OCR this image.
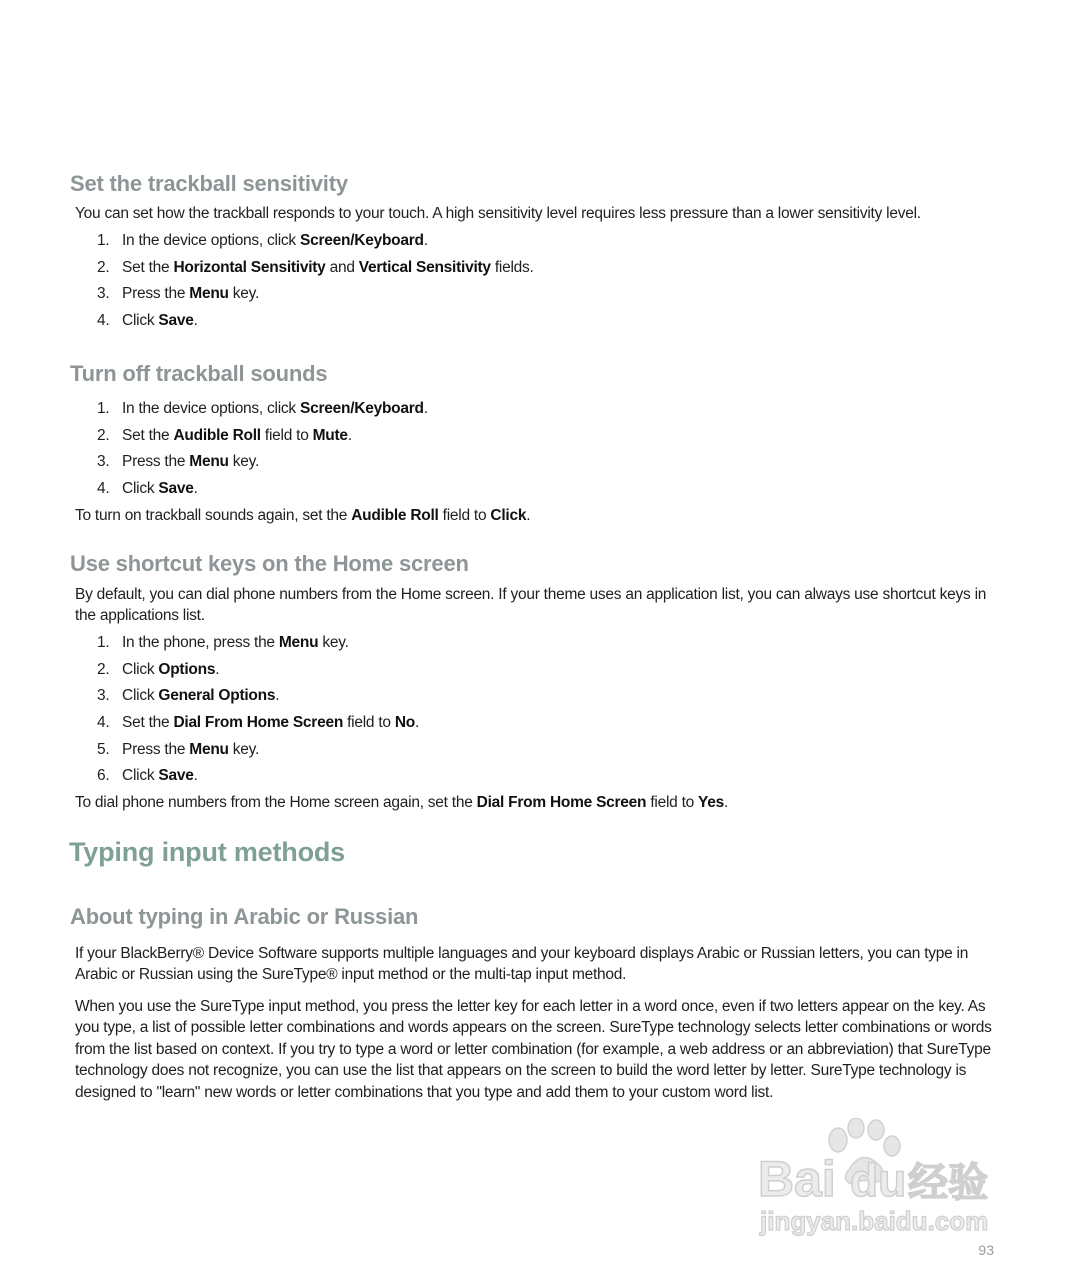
Set the trackball sensitivity

You can set how the trackball responds to your touch. A high sensitivity level requires less pressure than a lower sensitivity level.

1. In the device options, click Screen/Keyboard.
2. Set the Horizontal Sensitivity and Vertical Sensitivity fields.
3. Press the Menu key.
4. Click Save.
Turn off trackball sounds
1. In the device options, click Screen/Keyboard.
2. Set the Audible Roll field to Mute.
3. Press the Menu key.
4. Click Save.

To turn on trackball sounds again, set the Audible Roll field to Click.

Use shortcut keys on the Home screen

By default, you can dial phone numbers from the Home screen. If your theme uses an application list, you can always use shortcut keys in the applications list.

1. In the phone, press the Menu key.
2. Click Options.
3. Click General Options.
4. Set the Dial From Home Screen field to No.
5. Press the Menu key.
6. Click Save.

To dial phone numbers from the Home screen again, set the Dial From Home Screen field to Yes.

Typing input methods
About typing in Arabic or Russian

If your BlackBerry® Device Software supports multiple languages and your keyboard displays Arabic or Russian letters, you can type in Arabic or Russian using the SureType® input method or the multi-tap input method.

When you use the SureType input method, you press the letter key for each letter in a word once, even if two letters appear on the key. As you type, a list of possible letter combinations and words appears on the screen. SureType technology selects letter combinations or words from the list based on context. If you try to type a word or letter combination (for example, a web address or an abbreviation) that SureType technology does not recognize, you can use the list that appears on the screen to build the word letter by letter. SureType technology is designed to "learn" new words or letter combinations that you type and add them to your custom word list.

Bai du 经验
jingyan.baidu.com
93
